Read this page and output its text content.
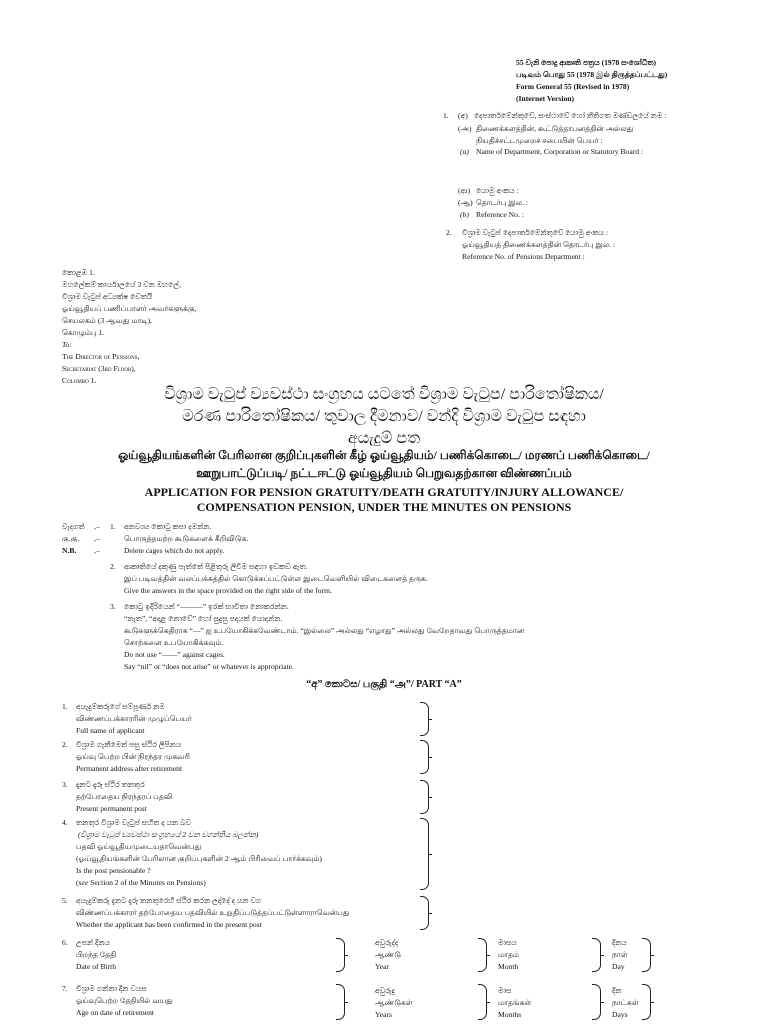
55 වැනි පොදු ආකෘති පත්‍රය (1978 සංශෝධිත)
படிவம் பொது 55 (1978 இல் திருத்தப்பட்டது)
Form General 55 (Revised in 1978)
(Internet Version)
1. (අ) දෙපාර්තමේන්තුවේ, සංස්ථාවේ හෝ නීතිගත මණ්ඩලයේ නම :
(அ) திணைக்களத்தின், கூட்டுத்தாபனத்தின் அல்லது
நியதிச்சட்டமுறைச் சபையின் பெயர் :
(a) Name of Department, Corporation or Statutory Board :
(ආ) යොමු අංකය :
(ஆ) தொடர்பு இல. :
(b) Reference No. :
2. විශ්‍රාම වැටුප් දෙපාර්තමේන්තුවේ යොමු අංකය :
ஓய்வூதியத் திணைக்களத்தின் தொடர்பு இல. :
Reference No. of Pensions Department :
කොළඹ 1.
මහලේකම් කාර්යාලයේ 3 වන මහලේ,
විශ්‍රාම වැටුප් අධ්‍යක්ෂ වෙතයි
ஓய்வூதியப் பணிப்பாளர் அவர்களுக்கு,
செயலகம் (3 ஆவது மாடி),
கொழும்பு 1.
To:
The Director of Pensions,
Secretariat (3rd Floor),
Colombo 1.
විශ්‍රාම වැටුප් ව්‍යවස්ථා සංග්‍රහය යටතේ විශ්‍රාම වැටුප/ පාරිතෝෂිකය/
මරණ පාරිතෝෂිකය/ තුවාල දීමනාව/ වන්දි විශ්‍රාම වැටුප සඳහා
අයැදුම් පත
ஓய்வூதியங்களின் பேரிலான குறிப்புகளின் கீழ் ஓய்வூதியம்/ பணிக்கொடை/ மரணப் பணிக்கொடை/
ஊறுபாட்டுப்படி/ நட்டஈட்டு ஓய்வூதியம் பெறுவதற்கான விண்ணப்பம்
APPLICATION FOR PENSION GRATUITY/DEATH GRATUITY/INJURY ALLOWANCE/
COMPENSATION PENSION, UNDER THE MINUTES ON PENSIONS
වැදගත් ,– 1. අනවශ්‍ය කොටු කපා දමන්න.
கு.கு. ,–	பொருத்தமற்ற கூடுகளைக் கீறிவிடுக.
N.B. ,–	Delete cages which do not apply.
2. ආකෘතියේ දකුණු පැත්තේ පිළිතුරු ලිවීම සඳහා ඉඩකඩ ඇත.
இப் படிவத்தின் வலப்பக்கத்தில் கொடுக்கப்பட்டுள்ள இடைவெளியில் விடைகளைத் தருக.
Give the answers in the space provided on the right side of the form.
3. කොටු ඉදිරියෙන් “———” ඉරක් භාවිතා නොකරන්න.
“නැත”, “අදාළ නොවේ” හෝ සුදුසු පදයක් යොදන්න.
கூடுகளுக்கெதிராக “—” ஐ உபயோகிக்கவேண்டாம். “இல்லை” அல்லது “எழாது” அல்லது வேறேதாவது பொருத்தமான
சொற்களை உபயோகிக்கவும்.
Do not use “——” against cages.
Say “nil” or “does not arise” or whatever is appropriate.
“අ” කොටස/ பகுதி “அ”/ PART “A”
1. අයැදුම්කරුගේ සම්පූර්ණ නම
விண்ணப்பக்காரரின் முழுப்பெயர்
Full name of applicant
2. විශ්‍රාම ගැනීමෙන් පසු ස්ථිර ලිපිනය
ஓய்வு பெற்ற பின் நிரந்தர முகவரி
Permanent address after retirement
3. දැනට දැරූ ස්ථිර තනතුර
தற்போதைய நிரந்தரப் பதவி
Present permanent post
4. තනතුර විශ්‍රාම වැටුප් සහිත ද යන බව
(විශ්‍රාම වැටුප් ව්‍යවස්ථා සංග්‍රහයේ 2 වන වගන්තිය බලන්න)
பதவி ஓய்வூதியமுடையதாவென்பது
(ஓய்வூதியங்களின் பேரிலான குறிப்புகளின் 2 ஆம் பிரிவைப் பார்க்கவும்)
Is the post pensionable ?
(see Section 2 of the Minutes on Pensions)
5. අයැදුම්කරු දැනට දැරූ තනතුරෙහි ස්ථිර කරන ලද්දේ ද යන වග
விண்ணப்பக்காரர் தற்போதைய பதவியில் உறுதிப்படுத்தப்பட்டுள்ளாராவென்பது
Whether the applicant has been confirmed in the present post
6. උපන් දිනය
பிறந்த தேதி
Date of Birth
අවුරුද්ද
ஆண்டு
Year
මාසය
மாதம்
Month
දිනය
நாள்
Day
7. විශ්‍රාම ගන්නා දින වයස
ஓய்வுபெற்ற தேதியில் வயது
Age on date of retirement
අවුරුදු
ஆண்டுகள்
Years
මාස
மாதங்கள்
Months
දින
நாட்கள்
Days
